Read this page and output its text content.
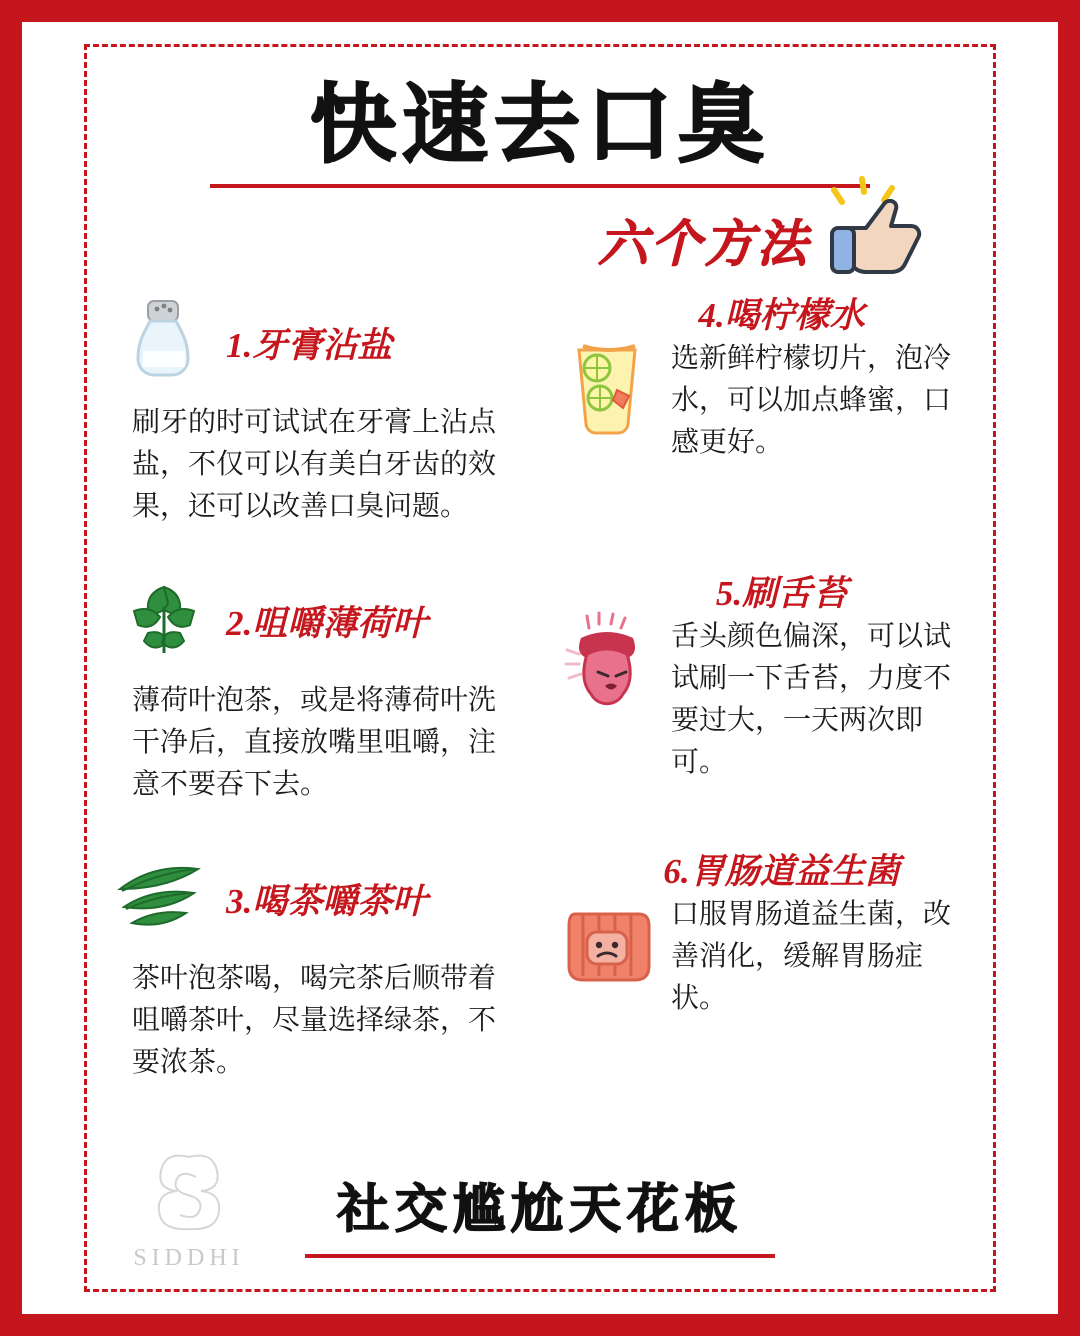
快速去口臭
六个方法
1.牙膏沾盐
刷牙的时可试试在牙膏上沾点盐，不仅可以有美白牙齿的效果，还可以改善口臭问题。
4.喝柠檬水
选新鲜柠檬切片，泡冷水，可以加点蜂蜜，口感更好。
2.咀嚼薄荷叶
薄荷叶泡茶，或是将薄荷叶洗干净后，直接放嘴里咀嚼，注意不要吞下去。
5.刷舌苔
舌头颜色偏深，可以试试刷一下舌苔，力度不要过大，一天两次即可。
3.喝茶嚼茶叶
茶叶泡茶喝，喝完茶后顺带着咀嚼茶叶，尽量选择绿茶，不要浓茶。
6.胃肠道益生菌
口服胃肠道益生菌，改善消化，缓解胃肠症状。
社交尴尬天花板
SIDDHI
